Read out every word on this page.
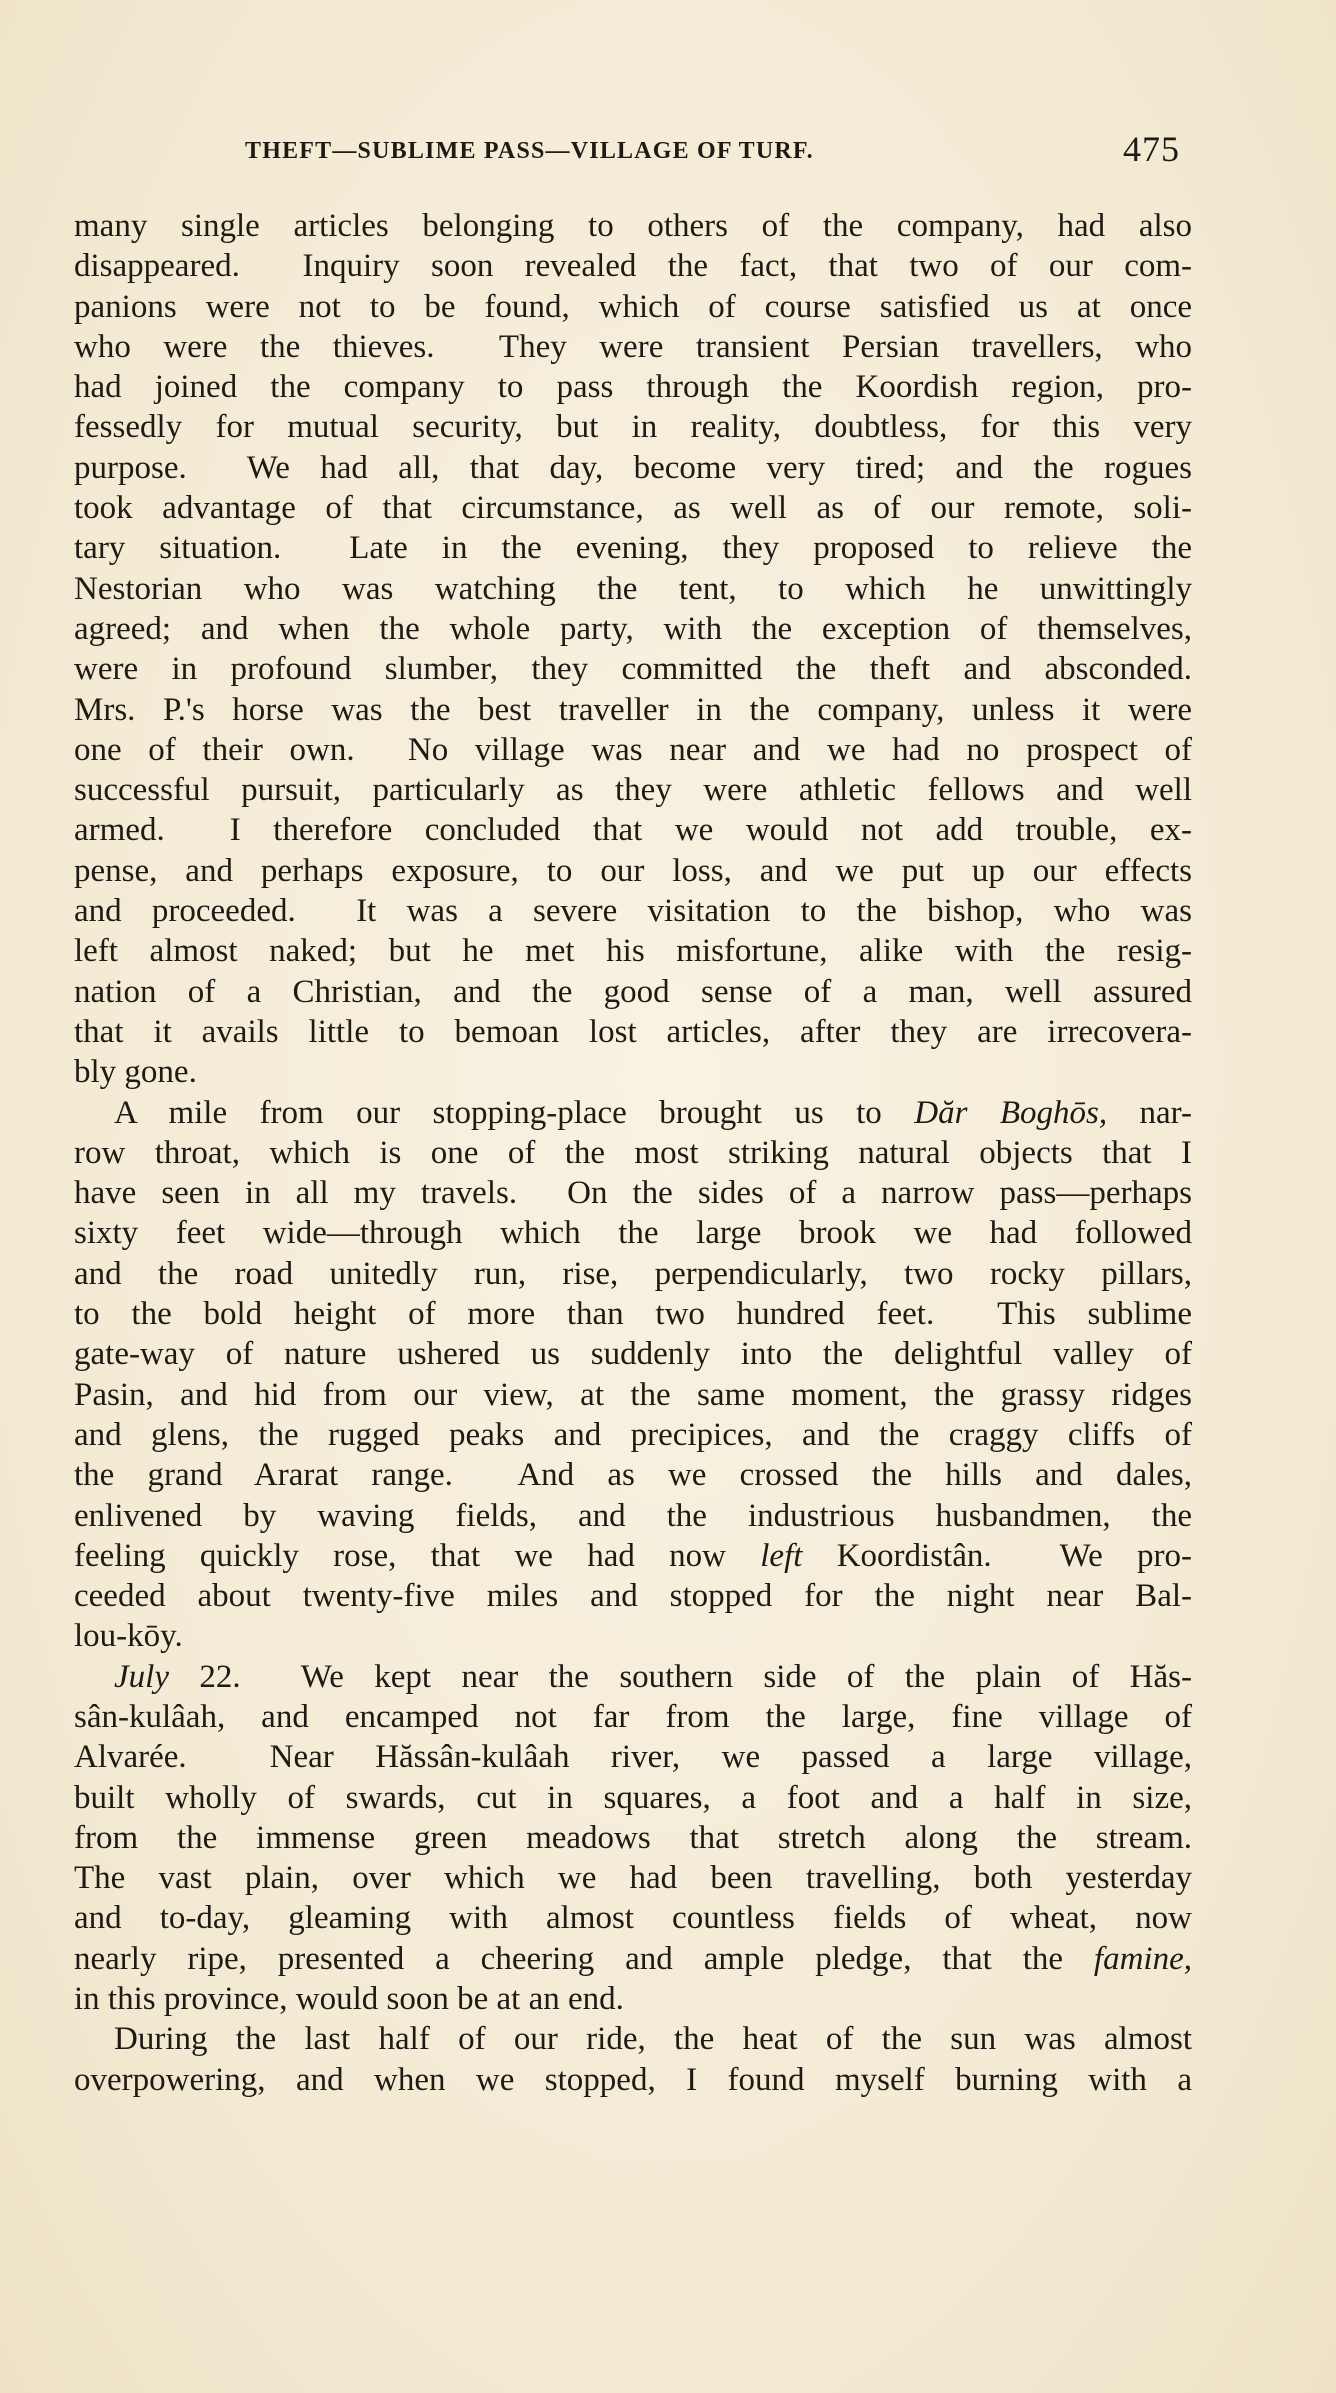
THEFT—SUBLIME PASS—VILLAGE OF TURF.	475
many single articles belonging to others of the company, had also
disappeared.  Inquiry soon revealed the fact, that two of our com-
panions were not to be found, which of course satisfied us at once
who were the thieves.  They were transient Persian travellers, who
had joined the company to pass through the Koordish region, pro-
fessedly for mutual security, but in reality, doubtless, for this very
purpose.  We had all, that day, become very tired; and the rogues
took advantage of that circumstance, as well as of our remote, soli-
tary situation.  Late in the evening, they proposed to relieve the
Nestorian who was watching the tent, to which he unwittingly
agreed; and when the whole party, with the exception of themselves,
were in profound slumber, they committed the theft and absconded.
Mrs. P.'s horse was the best traveller in the company, unless it were
one of their own.  No village was near and we had no prospect of
successful pursuit, particularly as they were athletic fellows and well
armed.  I therefore concluded that we would not add trouble, ex-
pense, and perhaps exposure, to our loss, and we put up our effects
and proceeded.  It was a severe visitation to the bishop, who was
left almost naked; but he met his misfortune, alike with the resig-
nation of a Christian, and the good sense of a man, well assured
that it avails little to bemoan lost articles, after they are irrecovera-
bly gone.
A mile from our stopping-place brought us to Dăr Boghōs, nar-
row throat, which is one of the most striking natural objects that I
have seen in all my travels.  On the sides of a narrow pass—perhaps
sixty feet wide—through which the large brook we had followed
and the road unitedly run, rise, perpendicularly, two rocky pillars,
to the bold height of more than two hundred feet.  This sublime
gate-way of nature ushered us suddenly into the delightful valley of
Pasin, and hid from our view, at the same moment, the grassy ridges
and glens, the rugged peaks and precipices, and the craggy cliffs of
the grand Ararat range.  And as we crossed the hills and dales,
enlivened by waving fields, and the industrious husbandmen, the
feeling quickly rose, that we had now left Koordistân.  We pro-
ceeded about twenty-five miles and stopped for the night near Bal-
lou-kōy.
July 22.  We kept near the southern side of the plain of Hăs-
sân-kulâah, and encamped not far from the large, fine village of
Alvarée.  Near Hăssân-kulâah river, we passed a large village,
built wholly of swards, cut in squares, a foot and a half in size,
from the immense green meadows that stretch along the stream.
The vast plain, over which we had been travelling, both yesterday
and to-day, gleaming with almost countless fields of wheat, now
nearly ripe, presented a cheering and ample pledge, that the famine,
in this province, would soon be at an end.
During the last half of our ride, the heat of the sun was almost
overpowering, and when we stopped, I found myself burning with a
